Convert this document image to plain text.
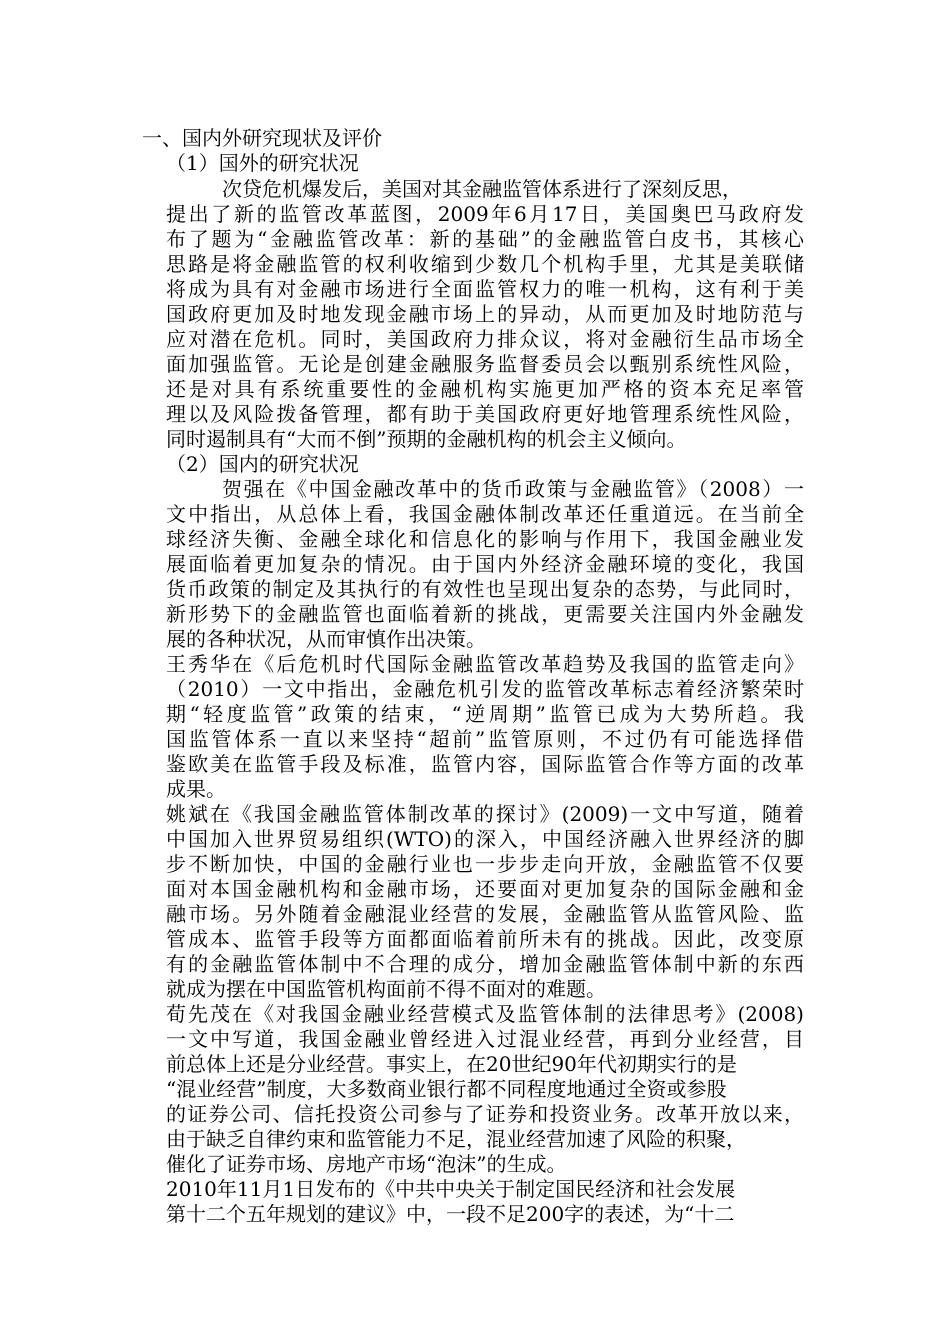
一、国内外研究现状及评价
（1）国外的研究状况
次贷危机爆发后，美国对其金融监管体系进行了深刻反思，
提出了新的监管改革蓝图，2009年6月17日，美国奥巴马政府发
布了题为“金融监管改革：新的基础”的金融监管白皮书，其核心
思路是将金融监管的权利收缩到少数几个机构手里，尤其是美联储
将成为具有对金融市场进行全面监管权力的唯一机构，这有利于美
国政府更加及时地发现金融市场上的异动，从而更加及时地防范与
应对潜在危机。同时，美国政府力排众议，将对金融衍生品市场全
面加强监管。无论是创建金融服务监督委员会以甄别系统性风险，
还是对具有系统重要性的金融机构实施更加严格的资本充足率管
理以及风险拨备管理，都有助于美国政府更好地管理系统性风险，
同时遏制具有“大而不倒”预期的金融机构的机会主义倾向。
（2）国内的研究状况
贺强在《中国金融改革中的货币政策与金融监管》（2008）一
文中指出，从总体上看，我国金融体制改革还任重道远。在当前全
球经济失衡、金融全球化和信息化的影响与作用下，我国金融业发
展面临着更加复杂的情况。由于国内外经济金融环境的变化，我国
货币政策的制定及其执行的有效性也呈现出复杂的态势，与此同时，
新形势下的金融监管也面临着新的挑战，更需要关注国内外金融发
展的各种状况，从而审慎作出决策。
王秀华在《后危机时代国际金融监管改革趋势及我国的监管走向》
（2010）一文中指出，金融危机引发的监管改革标志着经济繁荣时
期“轻度监管”政策的结束，“逆周期”监管已成为大势所趋。我
国监管体系一直以来坚持“超前”监管原则，不过仍有可能选择借
鉴欧美在监管手段及标准，监管内容，国际监管合作等方面的改革
成果。
姚斌在《我国金融监管体制改革的探讨》(2009)一文中写道，随着
中国加入世界贸易组织(WTO)的深入，中国经济融入世界经济的脚
步不断加快，中国的金融行业也一步步走向开放，金融监管不仅要
面对本国金融机构和金融市场，还要面对更加复杂的国际金融和金
融市场。另外随着金融混业经营的发展，金融监管从监管风险、监
管成本、监管手段等方面都面临着前所未有的挑战。因此，改变原
有的金融监管体制中不合理的成分，增加金融监管体制中新的东西
就成为摆在中国监管机构面前不得不面对的难题。
荀先茂在《对我国金融业经营模式及监管体制的法律思考》(2008)
一文中写道，我国金融业曾经进入过混业经营，再到分业经营，目
前总体上还是分业经营。事实上，在20世纪90年代初期实行的是
“混业经营”制度，大多数商业银行都不同程度地通过全资或参股
的证券公司、信托投资公司参与了证券和投资业务。改革开放以来，
由于缺乏自律约束和监管能力不足，混业经营加速了风险的积聚，
催化了证券市场、房地产市场“泡沫”的生成。
2010年11月1日发布的《中共中央关于制定国民经济和社会发展
第十二个五年规划的建议》中，一段不足200字的表述，为“十二
